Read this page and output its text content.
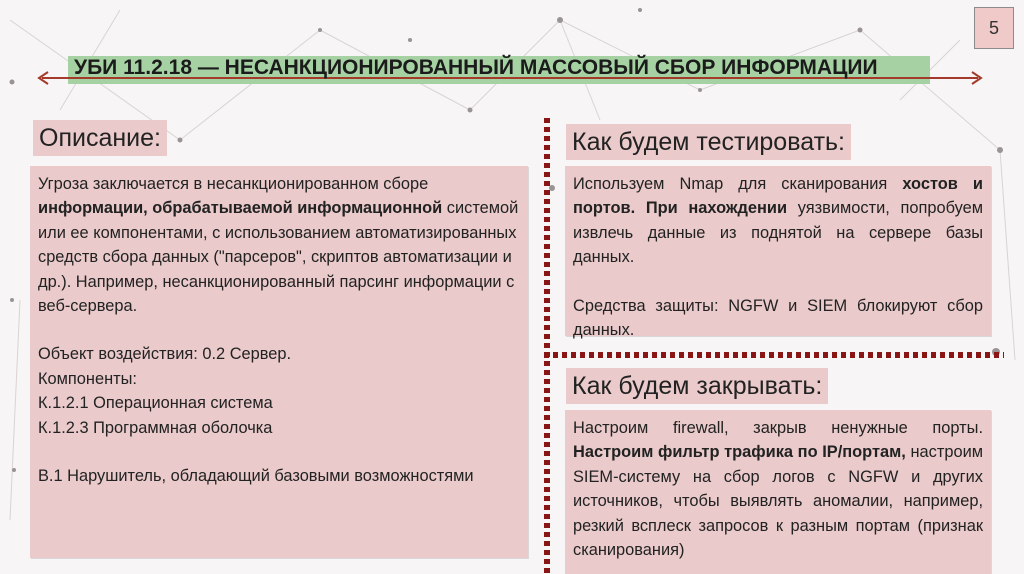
5
УБИ 11.2.18 — НЕСАНКЦИОНИРОВАННЫЙ МАССОВЫЙ СБОР ИНФОРМАЦИИ
Описание:

Угроза заключается в несанкционированном сборе информации, обрабатываемой информационной системой или ее компонентами, с использованием автоматизированных средств сбора данных ("парсеров", скриптов автоматизации и др.). Например, несанкционированный парсинг информации с веб-сервера.

Объект воздействия: 0.2 Сервер.

Компоненты:

К.1.2.1 Операционная система

К.1.2.3 Программная оболочка

В.1 Нарушитель, обладающий базовыми возможностями

Как будем тестировать:

Используем Nmap для сканирования хостов и портов. При нахождении уязвимости, попробуем извлечь данные из поднятой на сервере базы данных.

Средства защиты: NGFW и SIEM блокируют сбор данных.

Как будем закрывать:

Настроим firewall, закрыв ненужные порты. Настроим фильтр трафика по IP/портам, настроим SIEM-систему на сбор логов с NGFW и других источников, чтобы выявлять аномалии, например, резкий всплеск запросов к разным портам (признак сканирования)
